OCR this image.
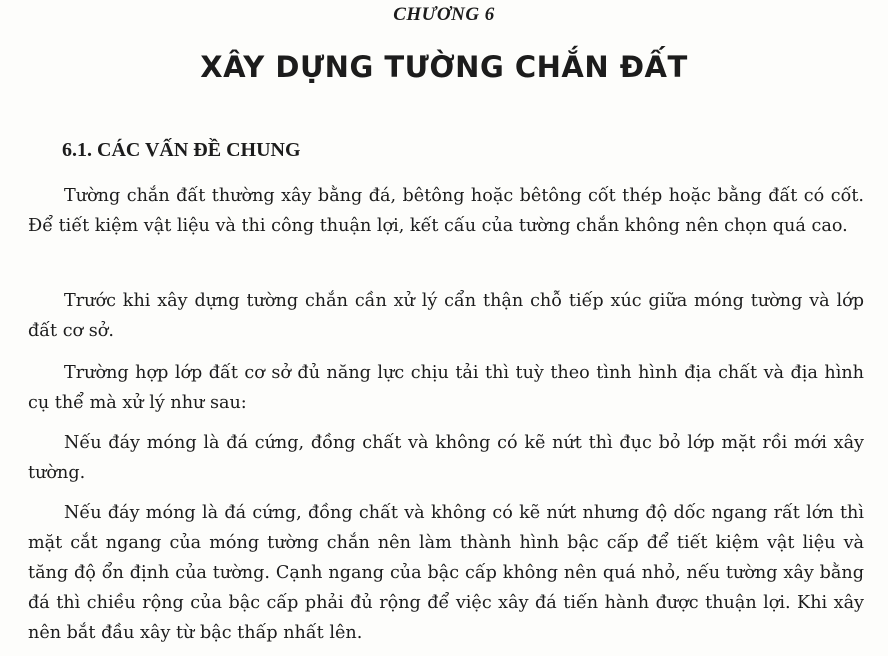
CHƯƠNG 6
XÂY DỰNG TƯỜNG CHẮN ĐẤT
6.1. CÁC VẤN ĐỀ CHUNG

Tường chắn đất thường xây bằng đá, bêtông hoặc bêtông cốt thép hoặc bằng đất có cốt. Để tiết kiệm vật liệu và thi công thuận lợi, kết cấu của tường chắn không nên chọn quá cao.

Trước khi xây dựng tường chắn cần xử lý cẩn thận chỗ tiếp xúc giữa móng tường và lớp đất cơ sở.

Trường hợp lớp đất cơ sở đủ năng lực chịu tải thì tuỳ theo tình hình địa chất và địa hình cụ thể mà xử lý như sau:

Nếu đáy móng là đá cứng, đồng chất và không có kẽ nứt thì đục bỏ lớp mặt rồi mới xây tường.

Nếu đáy móng là đá cứng, đồng chất và không có kẽ nứt nhưng độ dốc ngang rất lớn thì mặt cắt ngang của móng tường chắn nên làm thành hình bậc cấp để tiết kiệm vật liệu và tăng độ ổn định của tường. Cạnh ngang của bậc cấp không nên quá nhỏ, nếu tường xây bằng đá thì chiều rộng của bậc cấp phải đủ rộng để việc xây đá tiến hành được thuận lợi. Khi xây nên bắt đầu xây từ bậc thấp nhất lên.
